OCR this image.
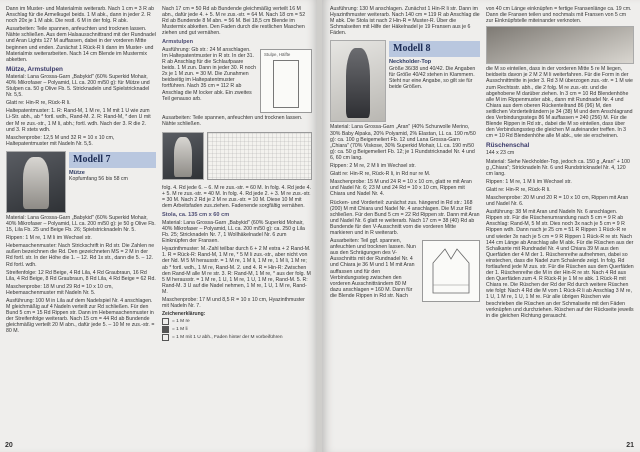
Dann im Muster- und Materialmix weiterarb. Nach 1 cm = 3 R ab Anschlag für die Armelkugel beids. 1 M abk., dann in jeder 2. R noch 20x je 1 M abk. Die restl. 6 M in der folg. R abk.

Ausarbeiten: Teile spannen, anfeuchten und trocknen lassen. Nähte schließen. Aus dem Halsausschnittrand mit der Rundnadel und Aran Lights 127 M auffassen, dabei in der vorderen Mitte beginnen und enden. Zunächst 1 Rück-R li dann im Muster- und Materialmix weiterarbeiten. Nach 14 cm Blende im Mustermix abketten.

Mütze, Armstulpen

Material: Lana Grossa-Garn „Babykid" (60% Superkid Mohair, 40% Mikrofaser – Polyamid, LL ca. 200 m/50 g): für Mütze und Stulpen ca. 50 g Olive Fb. 5. Stricknadeln und Spielstricknadel Nr. 5,5.

Glatt re: Hin-R re, Rück-R li.

Haltepatentmuster: 1. R: Rand-M, 1 M re, 1 M mit 1 U wie zum Li-Str. abh., ab * fortl. wdh., Rand-M. 2. R: Rand-M, * den U mit der M re zus.-str., 1 M li, abh.; fortl. wdh. Nach der 3. R die 2. und 3. R stets wdh.

Maschenprobe: 12,5 M und 32 R = 10 x 10 cm, Haltepatentmuster mit Nadeln Nr. 5,5.

Modell 7
Mütze

Kopfumfang 56 bis 58 cm

Material: Lana Grossa-Garn „Babykid" (60% Superkid Mohair, 40% Mikrofaser – Polyamid, LL ca. 200 m/50 g): je 50 g Olive Fb. 15, Lila Fb. 25 und Beige Fb. 26; Spielstricknadeln Nr. 5.

Rippen: 1 M re, 1 M li im Wechsel str.

Hebemaschenmuster: Nach Strickschrift in Rd str. Die Zahlen ne außen bezeichnen die Rd. Den gezeichneten MS = 2 M in der Rd fortl. str. In der Höhe die 1. – 12. Rd 1x str., dann die 5. – 12. Rd fortl. wdh.

Streifenfolge: 12 Rd Beige, 4 Rd Lila, 4 Rd Graubraun, 16 Rd Lila, 4 Rd Beige, 8 Rd Graubraun, 8 Rd Lila, 4 Rd Beige = 62 Rd.

Maschenprobe: 18 M und 29 Rd = 10 x 10 cm, Hebemaschenmuster mit Nadeln Nr. 5.

Ausführung: 100 M in Lila auf dem Nadelspiel Nr. 4 anschlagen. M gleichmäßig auf 4 Nadeln verteilt zur Rd schließen. Für den Bund 5 cm = 15 Rd Rippen str. Dann im Hebemaschenmuster in der Streifenfolge weiterarb. Nach 15 cm = 44 Rd ab Bundende gleichmäßig verteilt 20 M abn., dafür jede 5. – 10 M re zus.-str. = 80 M.

Nach 17 cm = 50 Rd ab Bundende gleichmäßig verteilt 16 M abn., dafür jede 4. + 5. M re zus.-str. = 64 M. Nach 18 cm = 52 Rd ab Bundende 8 M abn. = 56 M. Bei 18,5 cm Blende im Mustermix abketten. Den Faden durch die restlichen Maschen ziehen und gut vernähen.

Armstulpen

Ausführung: Gb str.: 24 M anschlagen. Im Haltepatentmuster in R str. In der 31. R ab Anschlag für die Schlaufpaare beids. 1 M zun. Dann in jeder 30. R noch 2x je 1 M zun. = 30 M. Die Zunahmen beidseitig im Haltepatentmuster fortführen. Nach 35 cm = 112 R ab Anschlag die M locker abk. Ein zweites Teil genauso arb.

Stulpe, Hälfte

Ausarbeiten: Teile spannen, anfeuchten und trocknen lassen. Nähte schließen.

folg. 4. Rd jede 6. – 6. M re zus.-str. = 60 M. In folg. 4. Rd jede 4. + 5. M re zus.-str. = 40 M. In folg. 4. Rd jede 2. + 3. M re zus.-str. = 30 M. Nach 2 Rd je 2 M re zus.-str. = 10 M. Diese 10 M mit dem Arbeitsfaden zus.ziehen. Fadenende sorgfältig vernähen.

Stola, ca. 135 cm x 60 cm

Material: Lana Grossa-Garn „Babykid" (60% Superkid Mohair, 40% Mikrofaser – Polyamid, LL ca. 200 m/50 g): ca. 250 g Lila Fb. 25; Stricknadeln Nr. 7, 1 Wollhäkelnadel Nr. 6 zum Einknüpfen der Fransen.

Hyazinthmuster: M.-Zahl teilbar durch 6 + 2 M extra + 2 Rand-M. 1. R = Rück-R: Rand-M, 1 M re, * 5 M li zus.-str., aber nicht von der Nd. M 5 M herausstr. = 1 M re, 1 M li, 1 M re, 1 M li, 1 M re; ab * fortl. wdh., 1 M re, Rand-M. 2. und 4. R = Hin-R: Zwischen den Rand-M alle M re str. 3. R: Rand-M, 1 M re, * aus der folg. M 5 M herausstr. = 1 M re, 1 U, 1 M re, 1 U, 1 M re, Rand-M. 5. R: Rand-M. 3 U auf die Nadel nehmen, 1 M re, 1 U, 1 M re, Rand-M.

Maschenprobe: 17 M und 8,5 R = 10 x 10 cm, Hyazinthmuster mit Nadeln Nr. 7.

Zeichenerklärung:
= 1 M re
= 1 M li
= 1 M mit 1 U abh., Faden hinter der M vorbeiführen
20

Ausführung: 130 M anschlagen. Zunächst 1 Hin-R li str. Dann im Hyazinthmuster weiterarb. Nach 140 cm = 119 R ab Anschlag die M abk. Die Stola ist nach 2 Hin-R = Muster-R. Über die Schmalseiten mit Hilfe der Häkelnadel je 19 Fransen aus je 6 Fäden.

Modell 8
Neckholder-Top

Größe 36/38 und 40/42. Die Angaben für Größe 40/42 stehen in Klammern. Steht nur eine Angabe, so gilt sie für beide Größen.

Material: Lana Grossa-Garn „Aran" (40% Schurwolle Merino, 30% Baby Alpaka, 20% Polyamid, 2% Elastan, LL ca. 190 m/50 g): ca. 100 g Beigemeliert Fb. 12 und Lana Grossa-Garn „Chiara" (70% Viskose, 30% Superkid Mohair, LL ca. 190 m/50 g): ca. 50 g Beigemeliert Fb. 12; je 1 Rundstricknadel Nr. 4 und 6, 60 cm lang.

Rippen: 2 M re, 2 M li im Wechsel str.

Glatt re: Hin-R re, Rück-R li, in Rd nur re M.

Maschenprobe: 15 M und 24 R = 10 x 10 cm, glatt re mit Aran und Nadel Nr. 6; 23 M und 24 Rd = 10 x 10 cm, Rippen mit Chiara und Nadel Nr. 4.

Rücken- und Vorderteil: zunächst zus. hängend in Rd str.: 168 (200) M mit Chiara und Nadel Nr. 4 anschlagen. Die M zur Rd schließen. Für den Bund 5 cm = 22 Rd Rippen str. Dann mit Aran und Nadel Nr. 6 glatt re weiterarb. Nach 17 cm = 38 (40) Rd ab Bundende für den V-Ausschnitt vorn die vorderen Mitte markieren und in R weiterarb.

Ausarbeiten: Teil ggf. spannen, anfeuchten und trocknen lassen. Nun aus den Schrägungen des V-Ausschnitts mit der Rundnadel Nr. 4 und Chiara je 36 M und 1 M mit Aran auffassen und für den Verbindungssteg zwischen den vorderen Ausschnitträndern 80 M dazu anschlagen = 160 M. Dann für die Blende Rippen in Rd str. Nach

von 40 cm Länge einknüpfen = fertige Fransenlänge ca. 19 cm. Dann die Fransen teilen und nochmals mit Fransen von 5 cm zur Einknüpfstelle miteinander verknoten.

die M so einteilen, dass in der vorderen Mitte 5 re M liegen, beidseits davon je 2 M 2 M li weiterfahren. Für die Form in der Ausschnittmitte in jeder 3. Rd 3 M überzogen zus.-str. = 1 M wie zum Rechtsstr. abh., die 2 folg. M re zus.-str. und die abgehobene M darüber ziehen. In 3 cm = 10 Rd Blendenhöhe alle M im Rippenmuster abk., dann mit Rundnadel Nr. 4 und Chiara aus dem oberen Rückenteilrand 86 (96) M, den seitlichen Vorderteilrändern je 34 (38) M und dem Anschlagrand des Verbindungsstegs 86 M auffassen = 240 (256) M. Für die Blende Rippen in Rd str., dabei die M so einteilen, dass über den Verbindungssteg die gleichen M aufeinander treffen. In 3 cm = 10 Rd Blendenhöhe alle M abk., wie sie erscheinen.

Rüschenschal

144 x 23 cm

Material: Siehe Neckholder-Top, jedoch ca. 150 g „Aran" + 100 g „Chiara"; Stricknadeln Nr. 6 und Rundstricknadel Nr. 4, 120 cm lang.

Rippen: 1 M re, 1 M li im Wechsel str.

Glatt re: Hin-R re, Rück-R li.

Maschenprobe: 20 M und 20 R = 10 x 10 cm, Rippen mit Aran und Nadel Nr. 6.

Ausführung: 38 M mit Aran und Nadeln Nr. 6 anschlagen. Rippen str. Für die Rüschenumrandung nach 5 cm = 9 R ab Anschlag: Rand-M, 5 M str. Dies noch 3x nach je 5 cm = 9 R Rippen wdh. Dann nach je 25 cm = 51 R Rippen 1 Rück-R re und wieder 3x nach je 5 cm = 9 R Rippen 1 Rück-R re str. Nach 144 cm Länge ab Anschlag alle M abk. Für die Rüschen aus der Schalkante mit Rundnadel Nr. 4 und Chiara 39 M aus den Querfäden der 4 M der 1. Rüschenreihe aufnehmen, dabei so einstechen, dass die Nadel zum Schalende zeigt. In folg. Rd fortlaufend jede M zus. str. Für die Rüschen aus dem Querfäden der 1. Rüschenreihe die M in der Hin-R re str. Nach 4 Rd aus den Querfäden zum 4. R Rück-R je 1 M re abk. 1 Rück-R mit Chiara re. Die Rüschen der Rd der Rd durch weitere Rüschen wie folgt: Nach 4 Rd die M vom 1 Rück-R li ab Anschlag 3 M re, 1 U, 1 M re, 1 U, 1 M re. Für alle übrigen Rüschen wie beschrieben die Rüschen an der Schmalseite mit den Fäden verknüpfen und durchziehen. Rüschen auf der Rückseite jeweils in die gleichen Richtung gerauscht.

21
